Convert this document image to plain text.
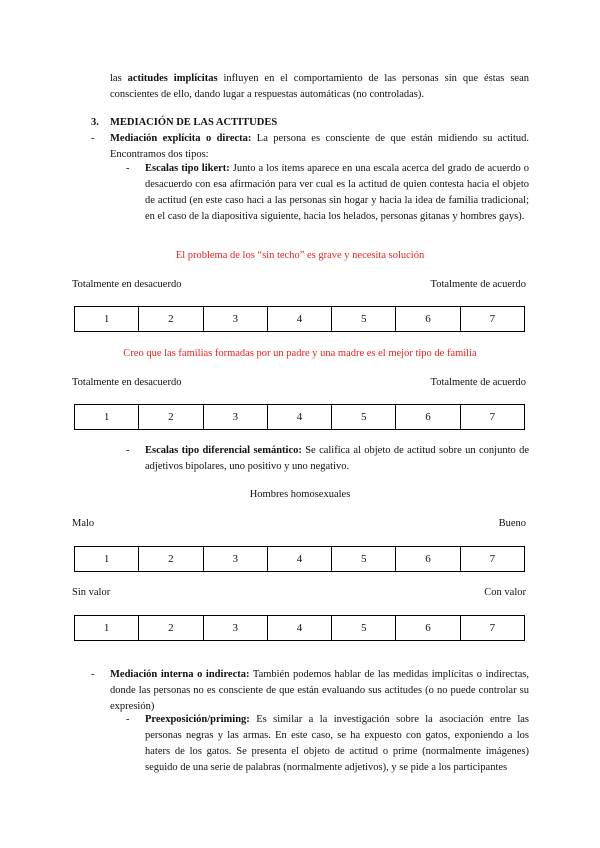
las actitudes implícitas influyen en el comportamiento de las personas sin que éstas sean conscientes de ello, dando lugar a respuestas automáticas (no controladas).
3. MEDIACIÓN DE LAS ACTITUDES
- Mediación explícita o directa: La persona es consciente de que están midiendo su actitud. Encontramos dos tipos:
- Escalas tipo likert: Junto a los ítems aparece en una escala acerca del grado de acuerdo o desacuerdo con esa afirmación para ver cual es la actitud de quien contesta hacia el objeto de actitud (en este caso haci a las personas sin hogar y hacia la idea de familia tradicional; en el caso de la diapositiva siguiente, hacia los helados, personas gitanas y hombres gays).
El problema de los “sin techo” es grave y necesita solución
Totalmente en desacuerdo	Totalmente de acuerdo
1	2	3	4	5	6	7
Creo que las familias formadas por un padre y una madre es el mejor tipo de familia
Totalmente en desacuerdo	Totalmente de acuerdo
1	2	3	4	5	6	7
- Escalas tipo diferencial semántico: Se califica al objeto de actitud sobre un conjunto de adjetivos bipolares, uno positivo y uno negativo.
Hombres homosexuales
Malo	Bueno
1	2	3	4	5	6	7
Sin valor	Con valor
1	2	3	4	5	6	7
- Mediación interna o indirecta: También podemos hablar de las medidas implícitas o indirectas, donde las personas no es consciente de que están evaluando sus actitudes (o no puede controlar su expresión)
- Preexposición/priming: Es similar a la investigación sobre la asociación entre las personas negras y las armas. En este caso, se ha expuesto con gatos, exponiendo a los haters de los gatos. Se presenta el objeto de actitud o prime (normalmente imágenes) seguido de una serie de palabras (normalmente adjetivos), y se pide a los participantes
